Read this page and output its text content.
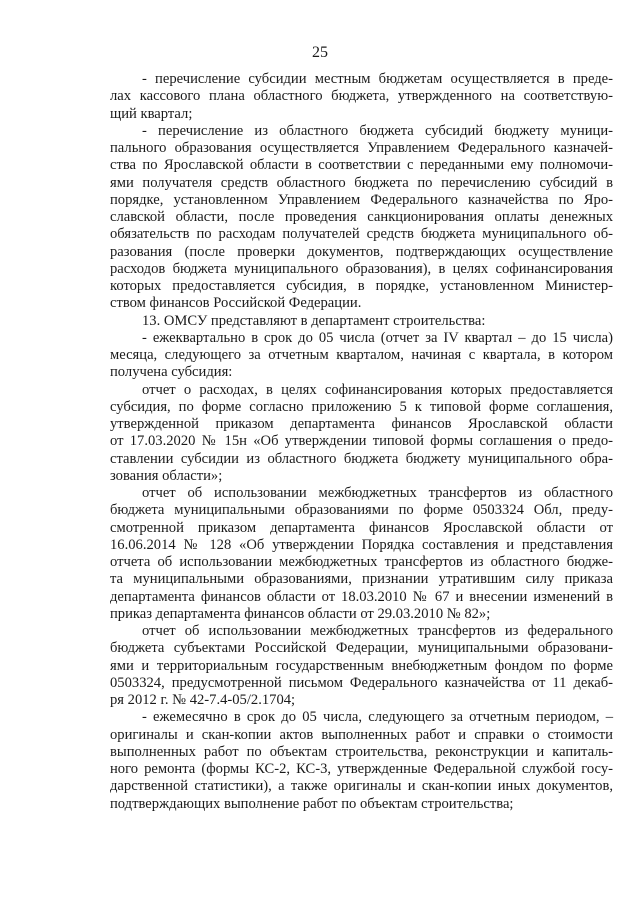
25

- перечисление субсидии местным бюджетам осуществляется в преде-
лах кассового плана областного бюджета, утвержденного на соответствую-
щий квартал;

- перечисление из областного бюджета субсидий бюджету муници-
пального образования осуществляется Управлением Федерального казначей-
ства по Ярославской области в соответствии с переданными ему полномочи-
ями получателя средств областного бюджета по перечислению субсидий в
порядке, установленном Управлением Федерального казначейства по Яро-
славской области, после проведения санкционирования оплаты денежных
обязательств по расходам получателей средств бюджета муниципального об-
разования (после проверки документов, подтверждающих осуществление
расходов бюджета муниципального образования), в целях софинансирования
которых предоставляется субсидия, в порядке, установленном Министер-
ством финансов Российской Федерации.

13. ОМСУ представляют в департамент строительства:

- ежеквартально в срок до 05 числа (отчет за IV квартал – до 15 числа)
месяца, следующего за отчетным кварталом, начиная с квартала, в котором
получена субсидия:

отчет о расходах, в целях софинансирования которых предоставляется
субсидия, по форме согласно приложению 5 к типовой форме соглашения,
утвержденной приказом департамента финансов Ярославской области
от 17.03.2020 № 15н «Об утверждении типовой формы соглашения о предо-
ставлении субсидии из областного бюджета бюджету муниципального обра-
зования области»;

отчет об использовании межбюджетных трансфертов из областного
бюджета муниципальными образованиями по форме 0503324 Обл, преду-
смотренной приказом департамента финансов Ярославской области от
16.06.2014 № 128 «Об утверждении Порядка составления и представления
отчета об использовании межбюджетных трансфертов из областного бюдже-
та муниципальными образованиями, признании утратившим силу приказа
департамента финансов области от 18.03.2010 № 67 и внесении изменений в
приказ департамента финансов области от 29.03.2010 № 82»;

отчет об использовании межбюджетных трансфертов из федерального
бюджета субъектами Российской Федерации, муниципальными образовани-
ями и территориальным государственным внебюджетным фондом по форме
0503324, предусмотренной письмом Федерального казначейства от 11 декаб-
ря 2012 г. № 42-7.4-05/2.1704;

- ежемесячно в срок до 05 числа, следующего за отчетным периодом, –
оригиналы и скан-копии актов выполненных работ и справки о стоимости
выполненных работ по объектам строительства, реконструкции и капиталь-
ного ремонта (формы КС-2, КС-3, утвержденные Федеральной службой госу-
дарственной статистики), а также оригиналы и скан-копии иных документов,
подтверждающих выполнение работ по объектам строительства;
